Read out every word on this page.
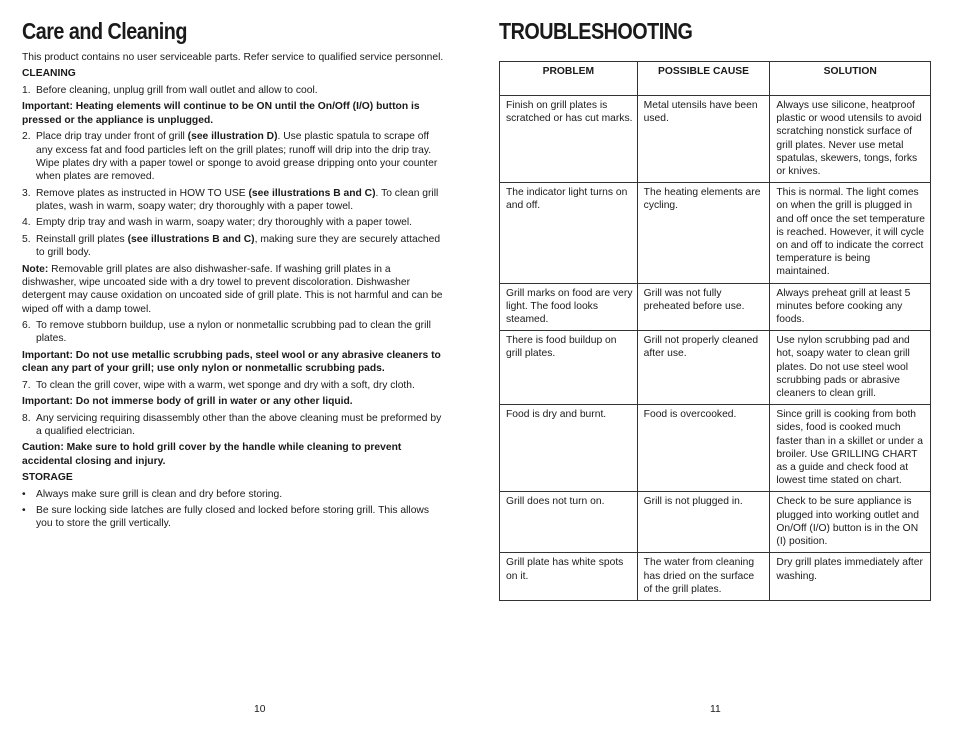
Care and Cleaning

This product contains no user serviceable parts. Refer service to qualified service personnel.

CLEANING

1. Before cleaning, unplug grill from wall outlet and allow to cool.

Important: Heating elements will continue to be ON until the On/Off (I/O) button is pressed or the appliance is unplugged.

2. Place drip tray under front of grill (see illustration D). Use plastic spatula to scrape off any excess fat and food particles left on the grill plates; runoff will drip into the drip tray. Wipe plates dry with a paper towel or sponge to avoid grease dripping onto your counter when plates are removed.
3. Remove plates as instructed in HOW TO USE (see illustrations B and C). To clean grill plates, wash in warm, soapy water; dry thoroughly with a paper towel.
4. Empty drip tray and wash in warm, soapy water; dry thoroughly with a paper towel.
5. Reinstall grill plates (see illustrations B and C), making sure they are securely attached to grill body.

Note: Removable grill plates are also dishwasher-safe. If washing grill plates in a dishwasher, wipe uncoated side with a dry towel to prevent discoloration. Dishwasher detergent may cause oxidation on uncoated side of grill plate. This is not harmful and can be wiped off with a damp towel.

6. To remove stubborn buildup, use a nylon or nonmetallic scrubbing pad to clean the grill plates.

Important: Do not use metallic scrubbing pads, steel wool or any abrasive cleaners to clean any part of your grill; use only nylon or nonmetallic scrubbing pads.

7. To clean the grill cover, wipe with a warm, wet sponge and dry with a soft, dry cloth.

Important: Do not immerse body of grill in water or any other liquid.

8. Any servicing requiring disassembly other than the above cleaning must be preformed by a qualified electrician.

Caution: Make sure to hold grill cover by the handle while cleaning to prevent accidental closing and injury.

STORAGE

• Always make sure grill is clean and dry before storing.
• Be sure locking side latches are fully closed and locked before storing grill. This allows you to store the grill vertically.
10
TROUBLESHOOTING
PROBLEM	POSSIBLE CAUSE	SOLUTION
Finish on grill plates is scratched or has cut marks.	Metal utensils have been used.	Always use silicone, heatproof plastic or wood utensils to avoid scratching nonstick surface of grill plates. Never use metal spatulas, skewers, tongs, forks or knives.
The indicator light turns on and off.	The heating elements are cycling.	This is normal. The light comes on when the grill is plugged in and off once the set temperature is reached. However, it will cycle on and off to indicate the correct temperature is being maintained.
Grill marks on food are very light. The food looks steamed.	Grill was not fully preheated before use.	Always preheat grill at least 5 minutes before cooking any foods.
There is food buildup on grill plates.	Grill not properly cleaned after use.	Use nylon scrubbing pad and hot, soapy water to clean grill plates. Do not use steel wool scrubbing pads or abrasive cleaners to clean grill.
Food is dry and burnt.	Food is overcooked.	Since grill is cooking from both sides, food is cooked much faster than in a skillet or under a broiler. Use GRILLING CHART as a guide and check food at lowest time stated on chart.
Grill does not turn on.	Grill is not plugged in.	Check to be sure appliance is plugged into working outlet and On/Off (I/O) button is in the ON (I) position.
Grill plate has white spots on it.	The water from cleaning has dried on the surface of the grill plates.	Dry grill plates immediately after washing.
11
